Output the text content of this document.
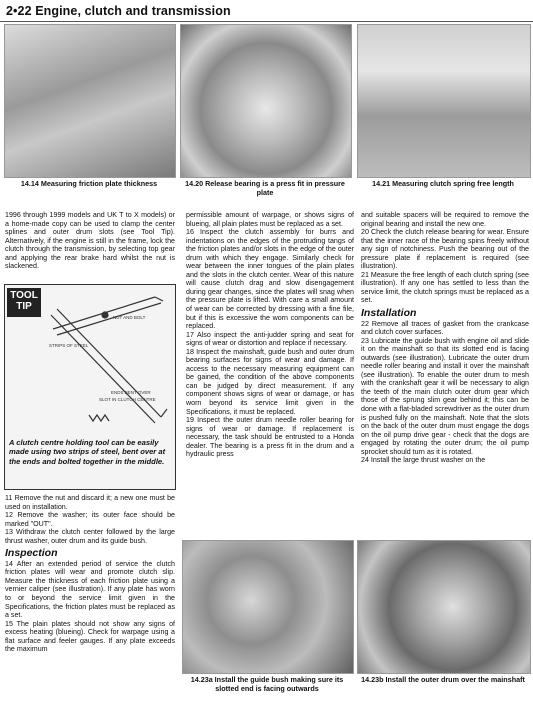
2•22 Engine, clutch and transmission
14.14 Measuring friction plate thickness	14.20 Release bearing is a press fit in pressure plate
14.21 Measuring clutch spring free length

1996 through 1999 models and UK T to X models) or a home-made copy can be used to clamp the center splines and outer drum slots (see Tool Tip). Alternatively, if the engine is still in the frame, lock the clutch through the transmission, by selecting top gear and applying the rear brake hard whilst the nut is slackened.

TOOL
TIP
STRIPS OF STEEL
NUT AND BOLT
ENDS BENT OVER
SLOT IN CLUTCH CENTRE
A clutch centre holding tool can be easily made using two strips of steel, bent over at the ends and bolted together in the middle.

11 Remove the nut and discard it; a new one must be used on installation.

12 Remove the washer; its outer face should be marked "OUT".

13 Withdraw the clutch center followed by the large thrust washer, outer drum and its guide bush.

Inspection

14 After an extended period of service the clutch friction plates will wear and promote clutch slip. Measure the thickness of each friction plate using a vernier caliper (see illustration). If any plate has worn to or beyond the service limit given in the Specifications, the friction plates must be replaced as a set.

15 The plain plates should not show any signs of excess heating (blueing). Check for warpage using a flat surface and feeler gauges. If any plate exceeds the maximum

permissible amount of warpage, or shows signs of blueing, all plain plates must be replaced as a set.

16 Inspect the clutch assembly for burrs and indentations on the edges of the protruding tangs of the friction plates and/or slots in the edge of the outer drum with which they engage. Similarly check for wear between the inner tongues of the plain plates and the slots in the clutch center. Wear of this nature will cause clutch drag and slow disengagement during gear changes, since the plates will snag when the pressure plate is lifted. With care a small amount of wear can be corrected by dressing with a fine file, but if this is excessive the worn components can be replaced.

17 Also inspect the anti-judder spring and seat for signs of wear or distortion and replace if necessary.

18 Inspect the mainshaft, guide bush and outer drum bearing surfaces for signs of wear and damage. If access to the necessary measuring equipment can be gained, the condition of the above components can be judged by direct measurement. If any component shows signs of wear or damage, or has worn beyond its service limit given in the Specifications, it must be replaced.

19 Inspect the outer drum needle roller bearing for signs of wear or damage. If replacement is necessary, the task should be entrusted to a Honda dealer. The bearing is a press fit in the drum and a hydraulic press

and suitable spacers will be required to remove the original bearing and install the new one.

20 Check the clutch release bearing for wear. Ensure that the inner race of the bearing spins freely without any sign of notchiness. Push the bearing out of the pressure plate if replacement is required (see illustration).

21 Measure the free length of each clutch spring (see illustration). If any one has settled to less than the service limit, the clutch springs must be replaced as a set.

Installation

22 Remove all traces of gasket from the crankcase and clutch cover surfaces.

23 Lubricate the guide bush with engine oil and slide it on the mainshaft so that its slotted end is facing outwards (see illustration). Lubricate the outer drum needle roller bearing and install it over the mainshaft (see illustration). To enable the outer drum to mesh with the crankshaft gear it will be necessary to align the teeth of the main clutch outer drum gear which those of the sprung slim gear behind it; this can be done with a flat-bladed screwdriver as the outer drum is pushed fully on the mainshaft. Note that the slots on the back of the outer drum must engage the dogs on the oil pump drive gear - check that the dogs are engaged by rotating the outer drum; the oil pump sprocket should turn as it is rotated.

24 Install the large thrust washer on the

14.23a Install the guide bush making sure its slotted end is facing outwards
14.23b Install the outer drum over the mainshaft
